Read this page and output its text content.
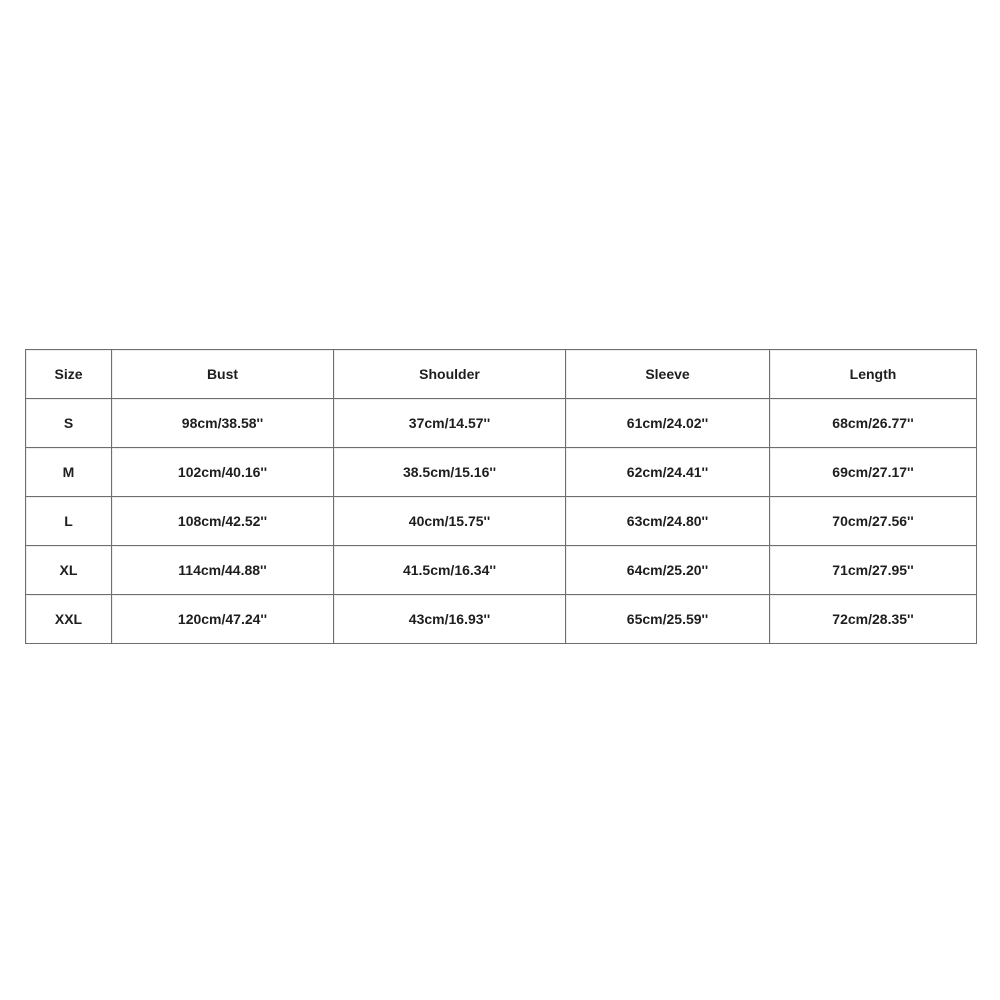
Size	Bust	Shoulder	Sleeve	Length
S	98cm/38.58''	37cm/14.57''	61cm/24.02''	68cm/26.77''
M	102cm/40.16''	38.5cm/15.16''	62cm/24.41''	69cm/27.17''
L	108cm/42.52''	40cm/15.75''	63cm/24.80''	70cm/27.56''
XL	114cm/44.88''	41.5cm/16.34''	64cm/25.20''	71cm/27.95''
XXL	120cm/47.24''	43cm/16.93''	65cm/25.59''	72cm/28.35''
